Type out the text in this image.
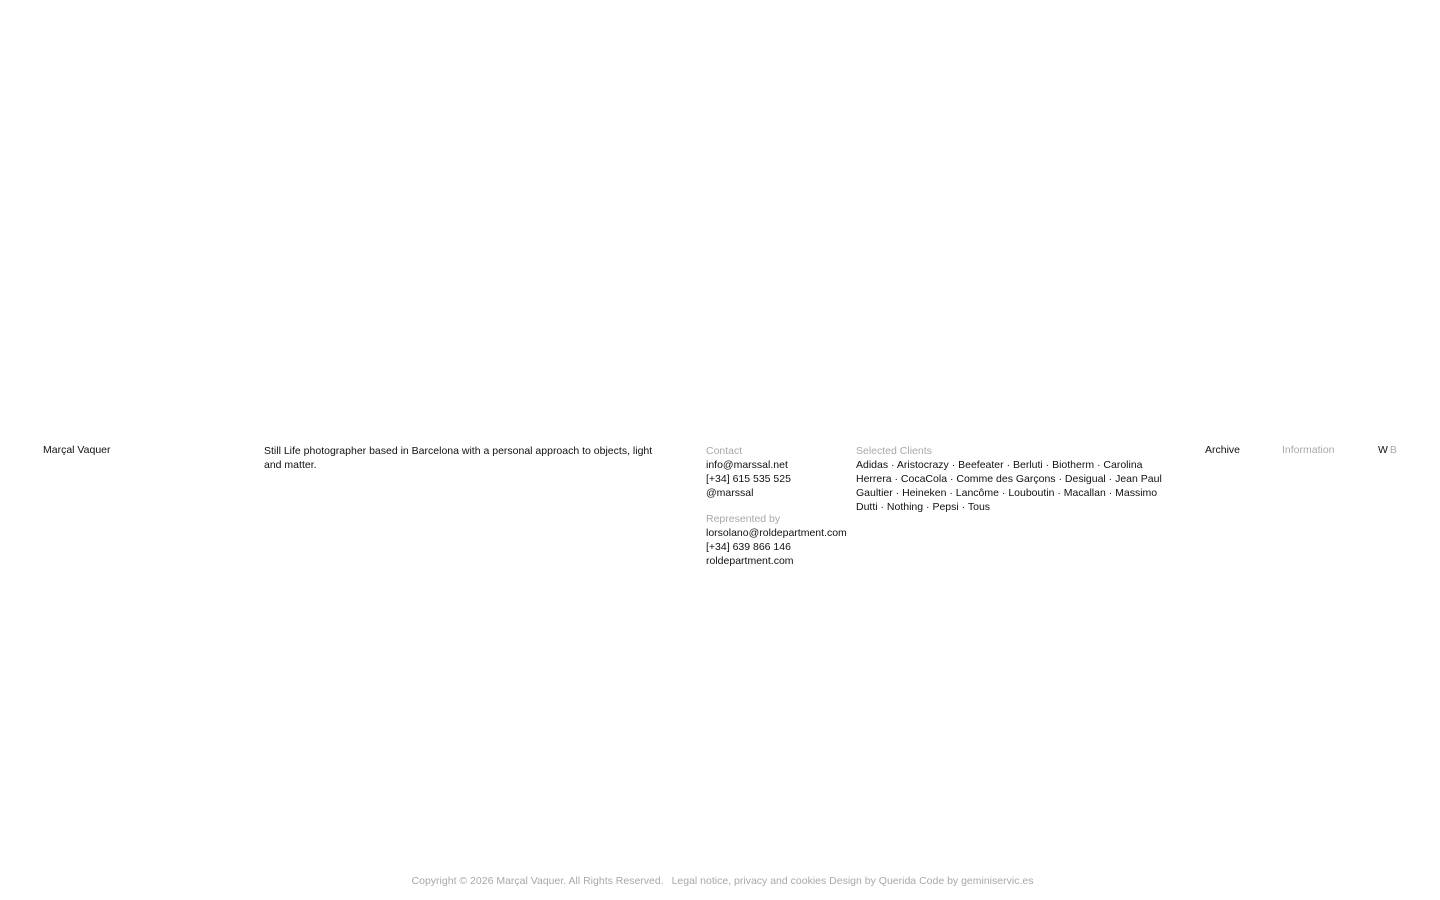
Marçal Vaquer	Still Life photographer based in Barcelona with a personal approach to objects, light and matter.

Contact
info@marssal.net
[+34] 615 535 525
@marssal
Represented by
lorsolano@roldepartment.com
[+34] 639 866 146
roldepartment.com
Selected Clients
Adidas · Aristocrazy · Beefeater · Berluti · Biotherm · Carolina Herrera · CocaCola · Comme des Garçons · Desigual · Jean Paul Gaultier · Heineken · Lancôme · Louboutin · Macallan · Massimo Dutti · Nothing · Pepsi · Tous
Archive	Information	W B
Copyright © 2026 Marçal Vaquer. All Rights Reserved. Legal notice, privacy and cookies Design by Querida Code by geminiservic.es
